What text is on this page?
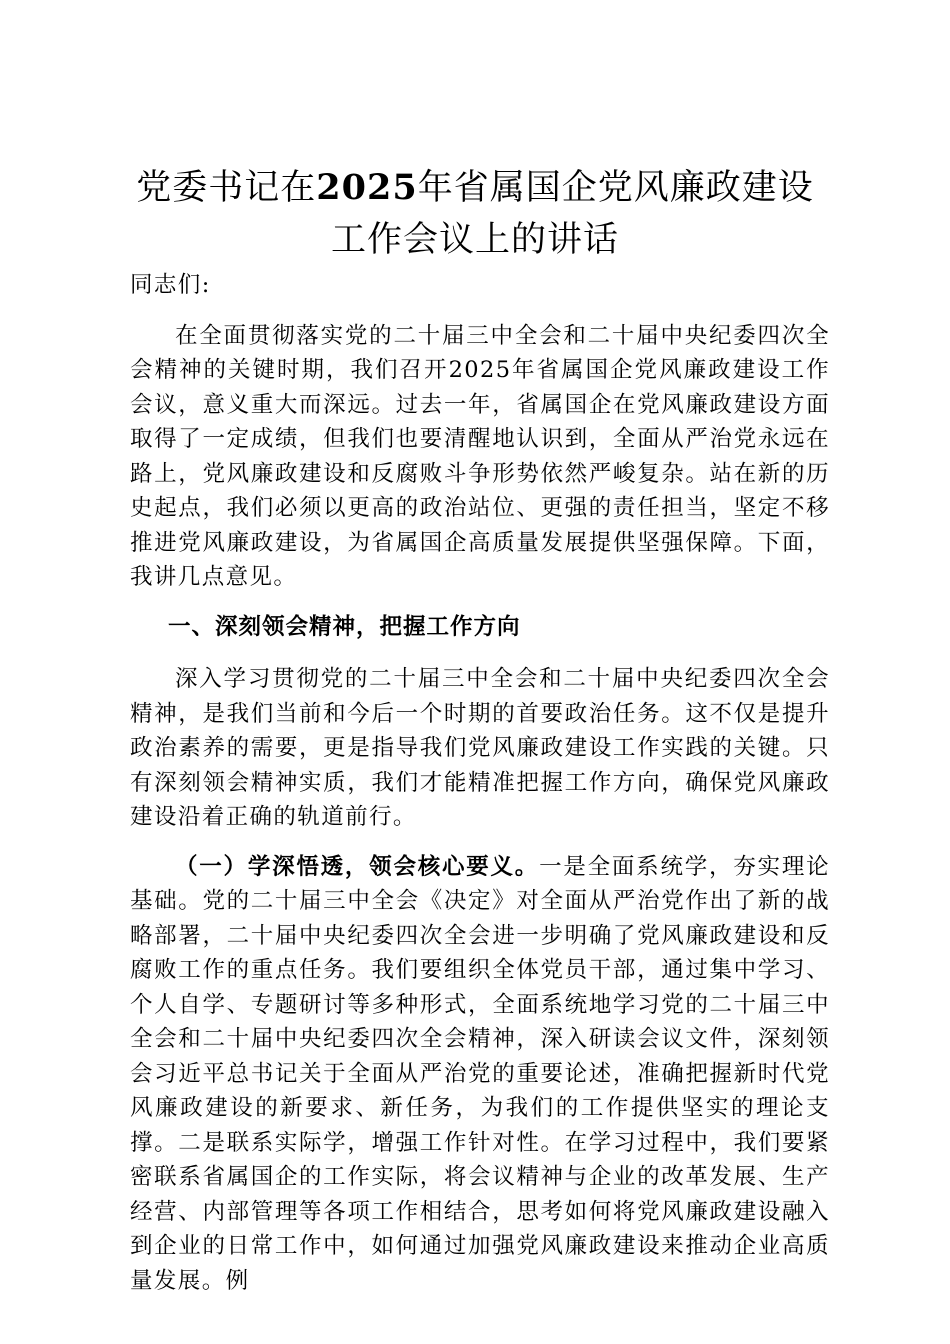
党委书记在2025年省属国企党风廉政建设工作会议上的讲话

同志们:

在全面贯彻落实党的二十届三中全会和二十届中央纪委四次全会精神的关键时期，我们召开2025年省属国企党风廉政建设工作会议，意义重大而深远。过去一年，省属国企在党风廉政建设方面取得了一定成绩，但我们也要清醒地认识到，全面从严治党永远在路上，党风廉政建设和反腐败斗争形势依然严峻复杂。站在新的历史起点，我们必须以更高的政治站位、更强的责任担当，坚定不移推进党风廉政建设，为省属国企高质量发展提供坚强保障。下面，我讲几点意见。

一、深刻领会精神，把握工作方向

深入学习贯彻党的二十届三中全会和二十届中央纪委四次全会精神，是我们当前和今后一个时期的首要政治任务。这不仅是提升政治素养的需要，更是指导我们党风廉政建设工作实践的关键。只有深刻领会精神实质，我们才能精准把握工作方向，确保党风廉政建设沿着正确的轨道前行。

（一）学深悟透，领会核心要义。一是全面系统学，夯实理论基础。党的二十届三中全会《决定》对全面从严治党作出了新的战略部署，二十届中央纪委四次全会进一步明确了党风廉政建设和反腐败工作的重点任务。我们要组织全体党员干部，通过集中学习、个人自学、专题研讨等多种形式，全面系统地学习党的二十届三中全会和二十届中央纪委四次全会精神，深入研读会议文件，深刻领会习近平总书记关于全面从严治党的重要论述，准确把握新时代党风廉政建设的新要求、新任务，为我们的工作提供坚实的理论支撑。二是联系实际学，增强工作针对性。在学习过程中，我们要紧密联系省属国企的工作实际，将会议精神与企业的改革发展、生产经营、内部管理等各项工作相结合，思考如何将党风廉政建设融入到企业的日常工作中，如何通过加强党风廉政建设来推动企业高质量发展。例
